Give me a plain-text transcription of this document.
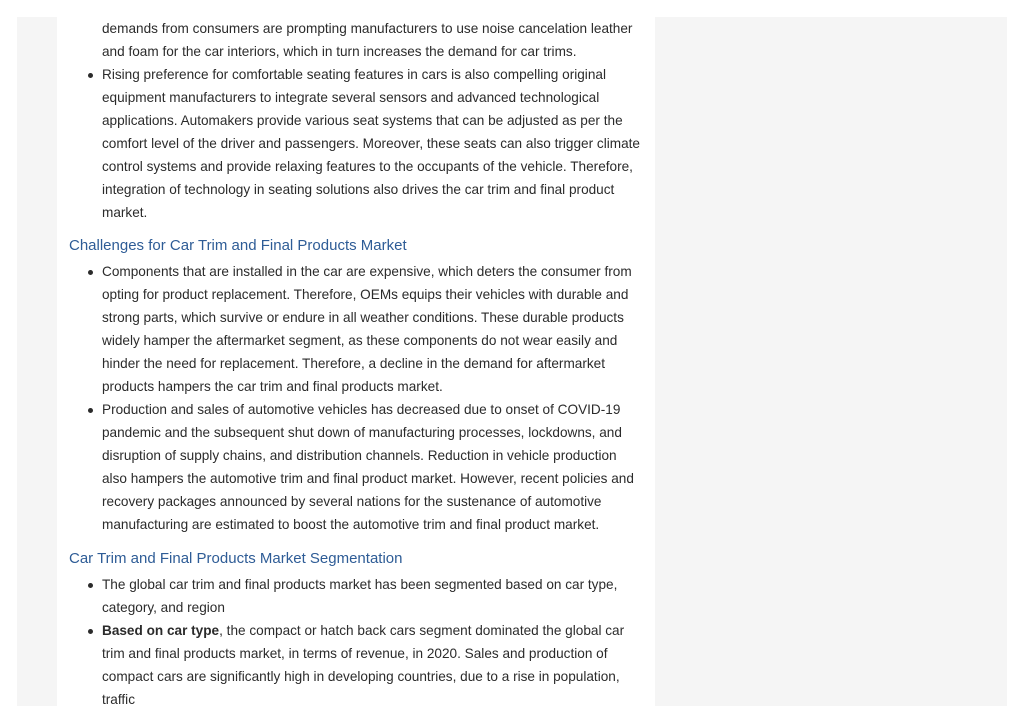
demands from consumers are prompting manufacturers to use noise cancelation leather and foam for the car interiors, which in turn increases the demand for car trims.
Rising preference for comfortable seating features in cars is also compelling original equipment manufacturers to integrate several sensors and advanced technological applications. Automakers provide various seat systems that can be adjusted as per the comfort level of the driver and passengers. Moreover, these seats can also trigger climate control systems and provide relaxing features to the occupants of the vehicle. Therefore, integration of technology in seating solutions also drives the car trim and final product market.
Challenges for Car Trim and Final Products Market
Components that are installed in the car are expensive, which deters the consumer from opting for product replacement. Therefore, OEMs equips their vehicles with durable and strong parts, which survive or endure in all weather conditions. These durable products widely hamper the aftermarket segment, as these components do not wear easily and hinder the need for replacement. Therefore, a decline in the demand for aftermarket products hampers the car trim and final products market.
Production and sales of automotive vehicles has decreased due to onset of COVID-19 pandemic and the subsequent shut down of manufacturing processes, lockdowns, and disruption of supply chains, and distribution channels. Reduction in vehicle production also hampers the automotive trim and final product market. However, recent policies and recovery packages announced by several nations for the sustenance of automotive manufacturing are estimated to boost the automotive trim and final product market.
Car Trim and Final Products Market Segmentation
The global car trim and final products market has been segmented based on car type, category, and region
Based on car type, the compact or hatch back cars segment dominated the global car trim and final products market, in terms of revenue, in 2020. Sales and production of compact cars are significantly high in developing countries, due to a rise in population, traffic
